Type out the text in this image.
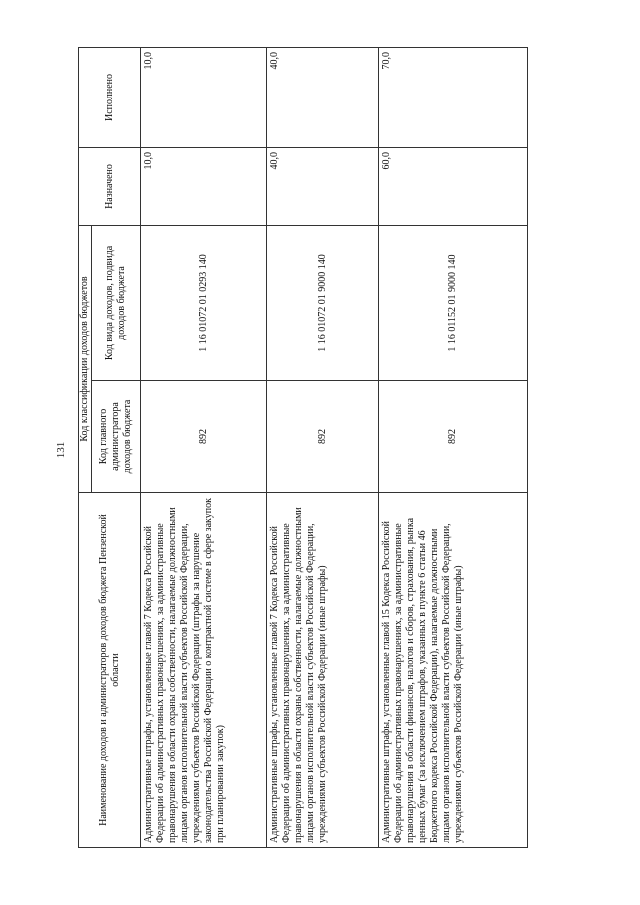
131
Наименование доходов и администраторов доходов бюджета Пензенской области	Код классификации доходов бюджетов		Назначено	Исполнено
	Код главного администратора доходов бюджета	Код вида доходов, подвида доходов бюджета		
Административные штрафы, установленные главой 7 Кодекса Российской Федерации об административных правонарушениях, за административные правонарушения в области охраны собственности, налагаемые должностными лицами органов исполнительной власти субъектов Российской Федерации, учреждениями субъектов Российской Федерации (штрафы за нарушение законодательства Российской Федерации о контрактной системе в сфере закупок при планировании закупок)	892	1 16 01072 01 0293 140	10,0	10,0
Административные штрафы, установленные главой 7 Кодекса Российской Федерации об административных правонарушениях, за административные правонарушения в области охраны собственности, налагаемые должностными лицами органов исполнительной власти субъектов Российской Федерации, учреждениями субъектов Российской Федерации (иные штрафы)	892	1 16 01072 01 9000 140	40,0	40,0
Административные штрафы, установленные главой 15 Кодекса Российской Федерации об административных правонарушениях, за административные правонарушения в области финансов, налогов и сборов, страхования, рынка ценных бумаг (за исключением штрафов, указанных в пункте 6 статьи 46 Бюджетного кодекса Российской Федерации), налагаемые должностными лицами органов исполнительной власти субъектов Российской Федерации, учреждениями субъектов Российской Федерации (иные штрафы)	892	1 16 01152 01 9000 140	60,0	70,0
